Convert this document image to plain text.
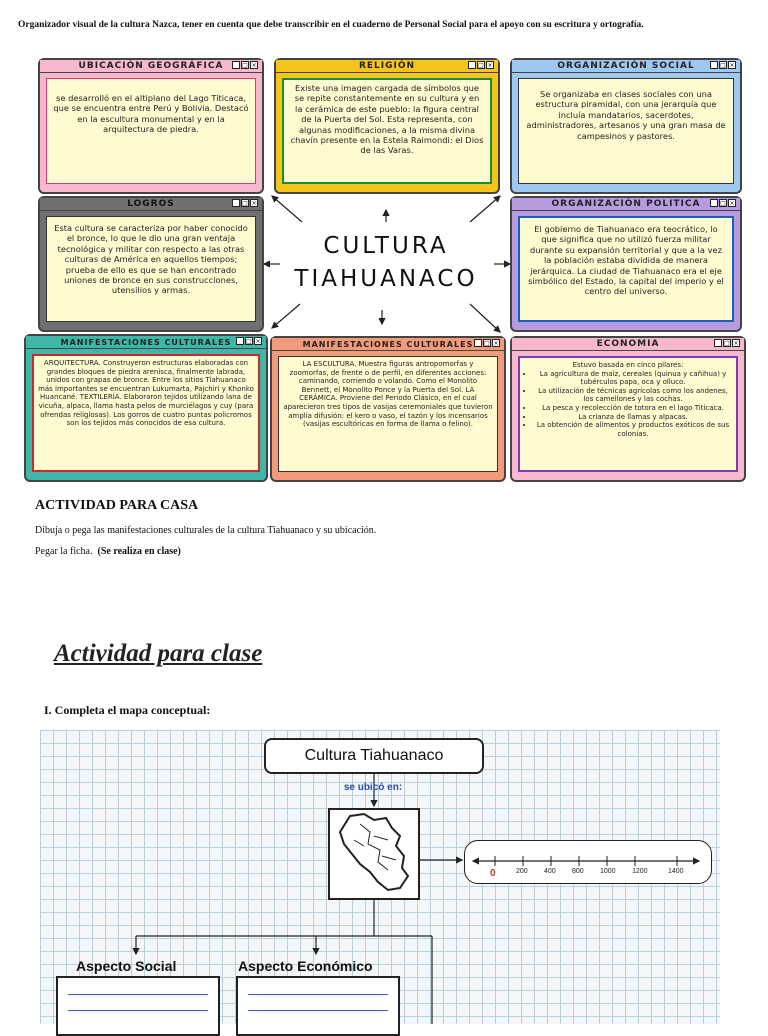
Organizador visual de la cultura Nazca, tener en cuenta que debe transcribir en el cuaderno de Personal Social para el apoyo con su escritura y ortografía.
CULTURA
TIAHUANACO
UBICACIÓN GEOGRÁFICA	_ □ ×
se desarrolló en el altiplano del Lago Titicaca, que se encuentra entre Perú y Bolivia. Destacó en la escultura monumental y en la arquitectura de piedra.
RELIGIÓN	_ □ ×
Existe una imagen cargada de símbolos que se repite constantemente en su cultura y en la cerámica de este pueblo: la figura central de la Puerta del Sol. Esta representa, con algunas modificaciones, a la misma divina chavín presente en la Estela Raimondi: el Dios de las Varas.
ORGANIZACIÓN SOCIAL	_ □ ×
Se organizaba en clases sociales con una estructura piramidal, con una jerarquía que incluía mandatarios, sacerdotes, administradores, artesanos y una gran masa de campesinos y pastores.
LOGROS	_ □ ×
Esta cultura se caracteriza por haber conocido el bronce, lo que le dio una gran ventaja tecnológica y militar con respecto a las otras culturas de América en aquellos tiempos; prueba de ello es que se han encontrado uniones de bronce en sus construcciones, utensilios y armas.
ORGANIZACIÓN POLITICA	_ □ ×
El gobierno de Tiahuanaco era teocrático, lo que significa que no utilizó fuerza militar durante su expansión territorial y que a la vez la población estaba dividida de manera jerárquica. La ciudad de Tiahuanaco era el eje simbólico del Estado, la capital del imperio y el centro del universo.
MANIFESTACIONES CULTURALES	_ □ ×
ARQUITECTURA. Construyeron estructuras elaboradas con grandes bloques de piedra arenisca, finalmente labrada, unidos con grapas de bronce. Entre los sitios Tiahuanaco más importantes se encuentran Lukumarta, Pajchiri y Khonko Huancané. TEXTILERÍA. Elaboraron tejidos utilizando lana de vicuña, alpaca, llama hasta pelos de murciélagos y cuy (para ofrendas religiosas). Los gorros de cuatro puntas policromos son los tejidos más conocidos de esa cultura.
MANIFESTACIONES CULTURALES _ □ ×
LA ESCULTURA. Muestra figuras antropomorfas y zoomorfas, de frente o de perfil, en diferentes acciones: caminando, corriendo o volando. Como el Monolito Bennett, el Monolito Ponce y la Puerta del Sol. LA CERÁMICA. Proviene del Periodo Clásico, en el cual aparecieron tres tipos de vasijas ceremoniales que tuvieron amplia difusión: el kero o vaso, el tazón y los incensarios (vasijas escultóricas en forma de llama o felino).
ECONOMIA	_ □ ×
Estuvo basada en cinco pilares:
• La agricultura de maíz, cereales (quinua y cañihua) y tubérculos papa, oca y olluco.
• La utilización de técnicas agrícolas como los andenes, los camellones y las cochas.
• La pesca y recolección de totora en el lago Titicaca.
• La crianza de llamas y alpacas.
• La obtención de alimentos y productos exóticos de sus colonias.
ACTIVIDAD PARA CASA
Dibuja o pega las manifestaciones culturales de la cultura Tiahuanaco y su ubicación.
Pegar la ficha. (Se realiza en clase)
Actividad para clase
I. Completa el mapa conceptual:
Cultura Tiahuanaco
se ubicó en:
0	200 400 800 1000 1200	1400
Aspecto Social	Aspecto Económico
